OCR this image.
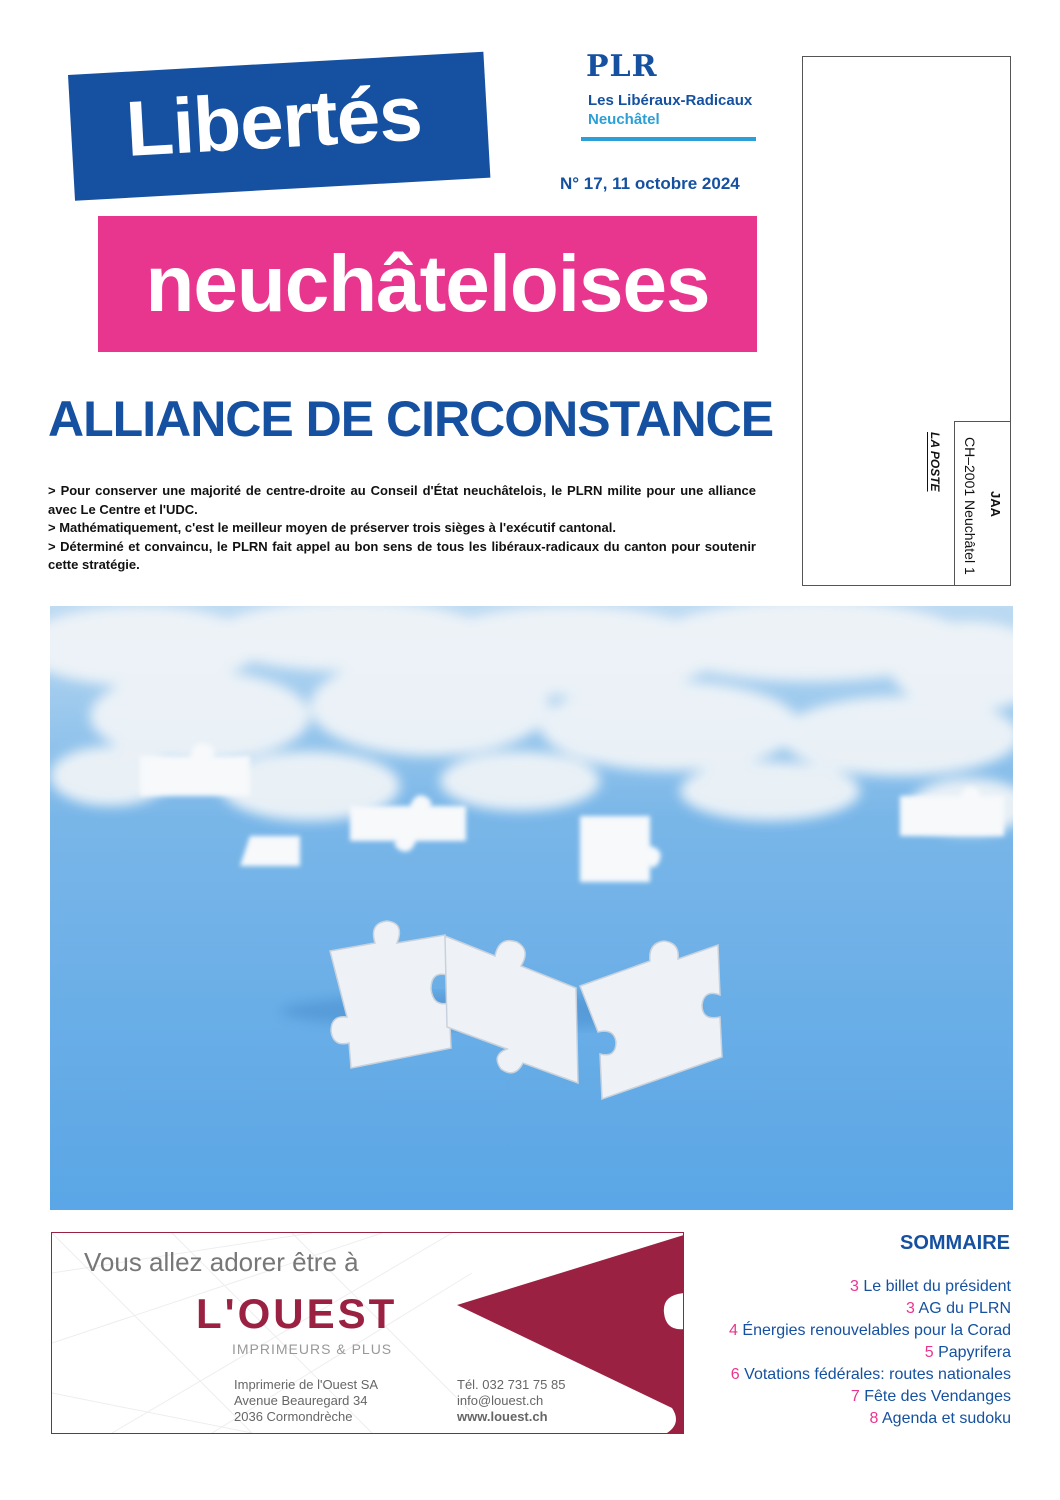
Libertés
neuchâteloises
PLR
Les Libéraux-Radicaux
Neuchâtel
N° 17, 11 octobre 2024
JAA
CH–2001 Neuchâtel 1
LA POSTE
ALLIANCE DE CIRCONSTANCE

> Pour conserver une majorité de centre-droite au Conseil d'État neuchâtelois, le PLRN milite pour une alliance avec Le Centre et l'UDC.

> Mathématiquement, c'est le meilleur moyen de préserver trois sièges à l'exécutif cantonal.

> Déterminé et convaincu, le PLRN fait appel au bon sens de tous les libéraux-radicaux du canton pour soutenir cette stratégie.

Vous allez adorer être à
L'OUEST
IMPRIMEURS & PLUS
Imprimerie de l'Ouest SA
Avenue Beauregard 34
2036 Cormondrèche
Tél. 032 731 75 85
info@louest.ch
www.louest.ch
SOMMAIRE
3 Le billet du président
3 AG du PLRN
4 Énergies renouvelables pour la Corad
5 Papyrifera
6 Votations fédérales: routes nationales
7 Fête des Vendanges
8 Agenda et sudoku
